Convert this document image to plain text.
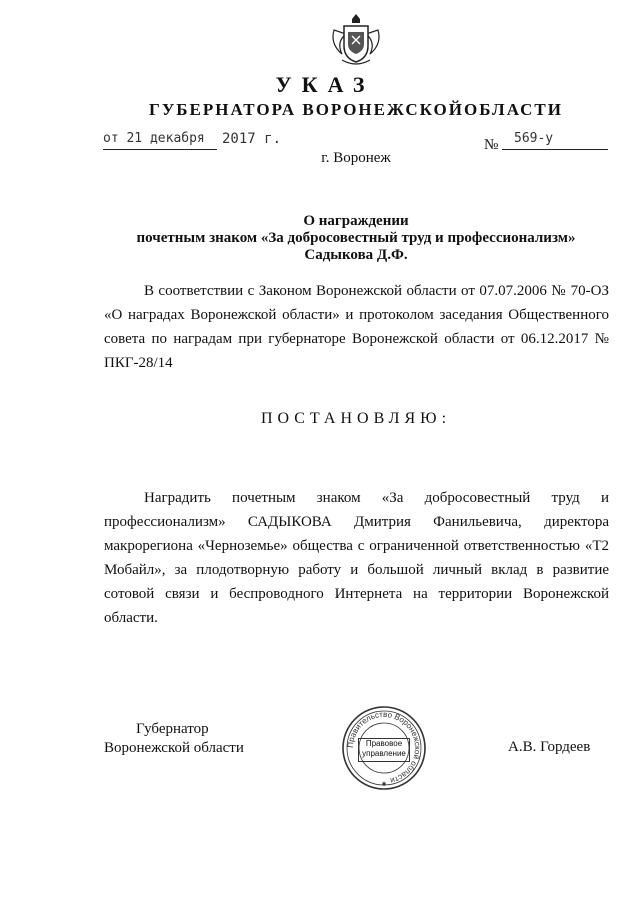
УКАЗ
ГУБЕРНАТОРА ВОРОНЕЖСКОЙОБЛАСТИ
от 21 декабря 2017 г.	№ 569-у
г. Воронеж
О награждении
почетным знаком «За добросовестный труд и профессионализм»
Садыкова Д.Ф.
В соответствии с Законом Воронежской области от 07.07.2006 № 70-ОЗ «О наградах Воронежской области» и протоколом заседания Общественного совета по наградам при губернаторе Воронежской области от 06.12.2017 № ПКГ-28/14
ПОСТАНОВЛЯЮ:
Наградить почетным знаком «За добросовестный труд и профессионализм» САДЫКОВА Дмитрия Фанильевича, директора макрорегиона «Черноземье» общества с ограниченной ответственностью «Т2 Мобайл», за плодотворную работу и большой личный вклад в развитие сотовой связи и беспроводного Интернета на территории Воронежской области.
Губернатор
Воронежской области	Правительство Воронежской области
✱
Правовое
управление	А.В. Гордеев
